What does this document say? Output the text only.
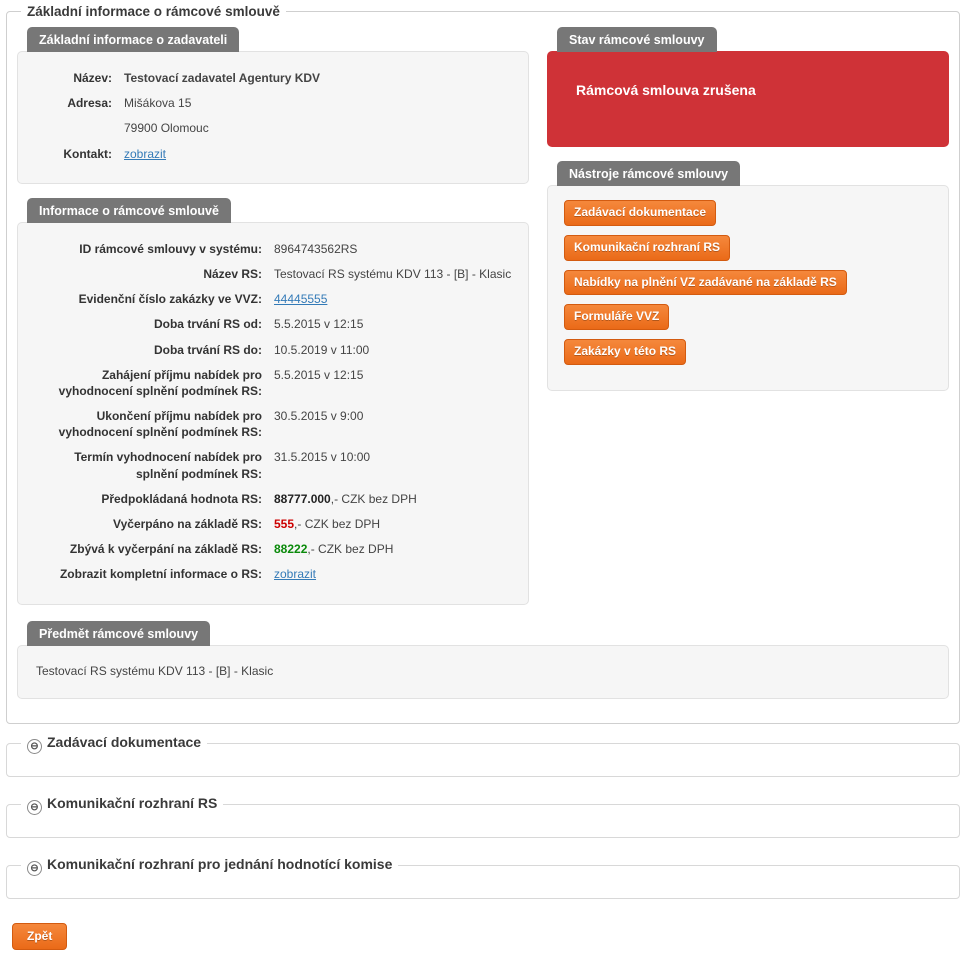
Základní informace o rámcové smlouvě
Základní informace o zadavateli
Název:	Testovací zadavatel Agentury KDV
Adresa:	Mišákova 15
	79900 Olomouc
Kontakt:	zobrazit
Informace o rámcové smlouvě
ID rámcové smlouvy v systému:	8964743562RS
Název RS:	Testovací RS systému KDV 113 - [B] - Klasic
Evidenční číslo zakázky ve VVZ:	44445555
Doba trvání RS od:	5.5.2015 v 12:15
Doba trvání RS do:	10.5.2019 v 11:00
Zahájení příjmu nabídek pro vyhodnocení splnění podmínek RS:	5.5.2015 v 12:15
Ukončení příjmu nabídek pro vyhodnocení splnění podmínek RS:	30.5.2015 v 9:00
Termín vyhodnocení nabídek pro splnění podmínek RS:	31.5.2015 v 10:00
Předpokládaná hodnota RS:	88777.000,- CZK bez DPH
Vyčerpáno na základě RS:	555,- CZK bez DPH
Zbývá k vyčerpání na základě RS:	88222,- CZK bez DPH
Zobrazit kompletní informace o RS:	zobrazit
Stav rámcové smlouvy
Rámcová smlouva zrušena
Nástroje rámcové smlouvy
Zadávací dokumentace
Komunikační rozhraní RS
Nabídky na plnění VZ zadávané na základě RS
Formuláře VVZ
Zakázky v této RS
Předmět rámcové smlouvy
Testovací RS systému KDV 113 - [B] - Klasic
⊖ Zadávací dokumentace
⊖ Komunikační rozhraní RS
⊖ Komunikační rozhraní pro jednání hodnotící komise
Zpět
